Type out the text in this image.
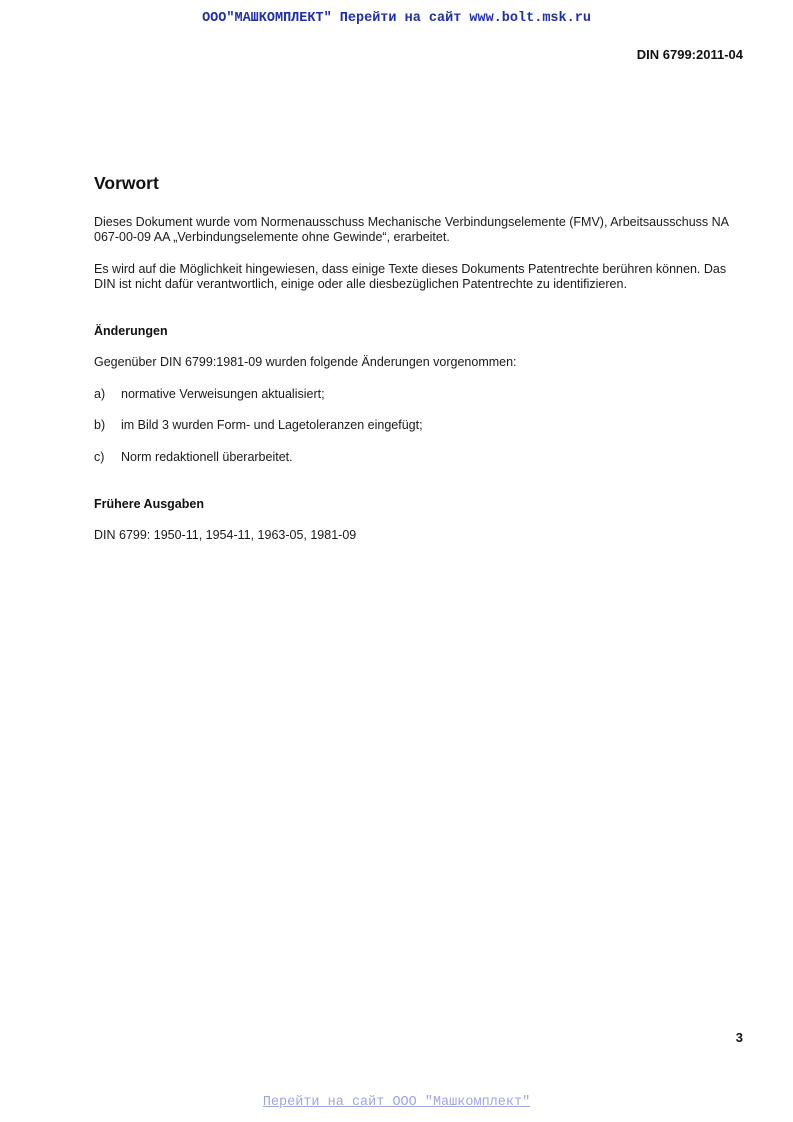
ООО"МАШКОМПЛЕКТ" Перейти на сайт www.bolt.msk.ru
DIN 6799:2011-04
Vorwort

Dieses Dokument wurde vom Normenausschuss Mechanische Verbindungselemente (FMV), Arbeitsausschuss NA 067-00-09 AA „Verbindungselemente ohne Gewinde“, erarbeitet.

Es wird auf die Möglichkeit hingewiesen, dass einige Texte dieses Dokuments Patentrechte berühren können. Das DIN ist nicht dafür verantwortlich, einige oder alle diesbezüglichen Patentrechte zu identifizieren.

Änderungen

Gegenüber DIN 6799:1981-09 wurden folgende Änderungen vorgenommen:

a) normative Verweisungen aktualisiert;
b) im Bild 3 wurden Form- und Lagetoleranzen eingefügt;
c) Norm redaktionell überarbeitet.
Frühere Ausgaben

DIN 6799: 1950-11, 1954-11, 1963-05, 1981-09

3
Перейти на сайт ООО "Машкомплект"
